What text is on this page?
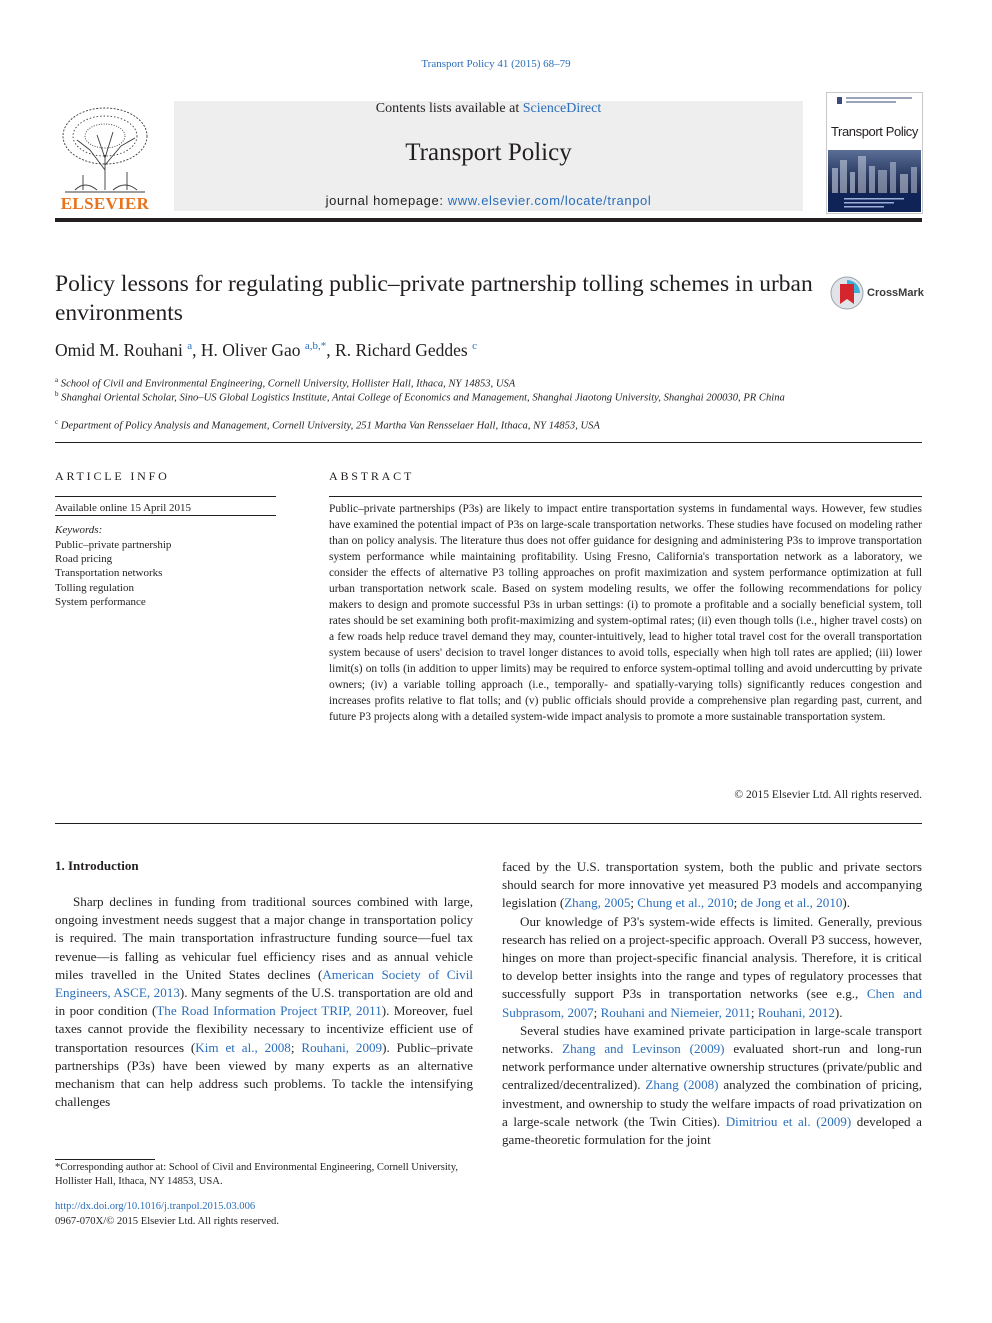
Transport Policy 41 (2015) 68–79
ELSEVIER
Contents lists available at ScienceDirect
Transport Policy
journal homepage: www.elsevier.com/locate/tranpol
Transport Policy
Policy lessons for regulating public–private partnership tolling schemes in urban environments
CrossMark
Omid M. Rouhani $^a$, H. Oliver Gao $^{a,b,*}$, R. Richard Geddes $^c$
$^a$ School of Civil and Environmental Engineering, Cornell University, Hollister Hall, Ithaca, NY 14853, USA
$^b$ Shanghai Oriental Scholar, Sino–US Global Logistics Institute, Antai College of Economics and Management, Shanghai Jiaotong University, Shanghai 200030, PR China
$^c$ Department of Policy Analysis and Management, Cornell University, 251 Martha Van Rensselaer Hall, Ithaca, NY 14853, USA
ARTICLE INFO
Available online 15 April 2015
Keywords:
Public–private partnership
Road pricing
Transportation networks
Tolling regulation
System performance
ABSTRACT
Public–private partnerships (P3s) are likely to impact entire transportation systems in fundamental ways. However, few studies have examined the potential impact of P3s on large-scale transportation networks. These studies have focused on modeling rather than on policy analysis. The literature thus does not offer guidance for designing and administering P3s to improve transportation system performance while maintaining profitability. Using Fresno, California's transportation network as a laboratory, we consider the effects of alternative P3 tolling approaches on profit maximization and system performance optimization at full urban transportation network scale. Based on system modeling results, we offer the following recommendations for policy makers to design and promote successful P3s in urban settings: (i) to promote a profitable and a socially beneficial system, toll rates should be set examining both profit-maximizing and system-optimal rates; (ii) even though tolls (i.e., higher travel costs) on a few roads help reduce travel demand they may, counter-intuitively, lead to higher total travel cost for the overall transportation system because of users' decision to travel longer distances to avoid tolls, especially when high toll rates are applied; (iii) lower limit(s) on tolls (in addition to upper limits) may be required to enforce system-optimal tolling and avoid undercutting by private owners; (iv) a variable tolling approach (i.e., temporally- and spatially-varying tolls) significantly reduces congestion and increases profits relative to flat tolls; and (v) public officials should provide a comprehensive plan regarding past, current, and future P3 projects along with a detailed system-wide impact analysis to promote a more sustainable transportation system.
© 2015 Elsevier Ltd. All rights reserved.
1. Introduction

Sharp declines in funding from traditional sources combined with large, ongoing investment needs suggest that a major change in transportation policy is required. The main transportation infrastructure funding source—fuel tax revenue—is falling as vehicular fuel efficiency rises and as annual vehicle miles travelled in the United States declines (American Society of Civil Engineers, ASCE, 2013). Many segments of the U.S. transportation are old and in poor condition (The Road Information Project TRIP, 2011). Moreover, fuel taxes cannot provide the flexibility necessary to incentivize efficient use of transportation resources (Kim et al., 2008; Rouhani, 2009). Public–private partnerships (P3s) have been viewed by many experts as an alternative mechanism that can help address such problems. To tackle the intensifying challenges

faced by the U.S. transportation system, both the public and private sectors should search for more innovative yet measured P3 models and accompanying legislation (Zhang, 2005; Chung et al., 2010; de Jong et al., 2010).

Our knowledge of P3's system-wide effects is limited. Generally, previous research has relied on a project-specific approach. Overall P3 success, however, hinges on more than project-specific financial analysis. Therefore, it is critical to develop better insights into the range and types of regulatory processes that successfully support P3s in transportation networks (see e.g., Chen and Subprasom, 2007; Rouhani and Niemeier, 2011; Rouhani, 2012).

Several studies have examined private participation in large-scale transport networks. Zhang and Levinson (2009) evaluated short-run and long-run network performance under alternative ownership structures (private/public and centralized/decentralized). Zhang (2008) analyzed the combination of pricing, investment, and ownership to study the welfare impacts of road privatization on a large-scale network (the Twin Cities). Dimitriou et al. (2009) developed a game-theoretic formulation for the joint

*Corresponding author at: School of Civil and Environmental Engineering, Cornell University, Hollister Hall, Ithaca, NY 14853, USA.
http://dx.doi.org/10.1016/j.tranpol.2015.03.006
0967-070X/© 2015 Elsevier Ltd. All rights reserved.
